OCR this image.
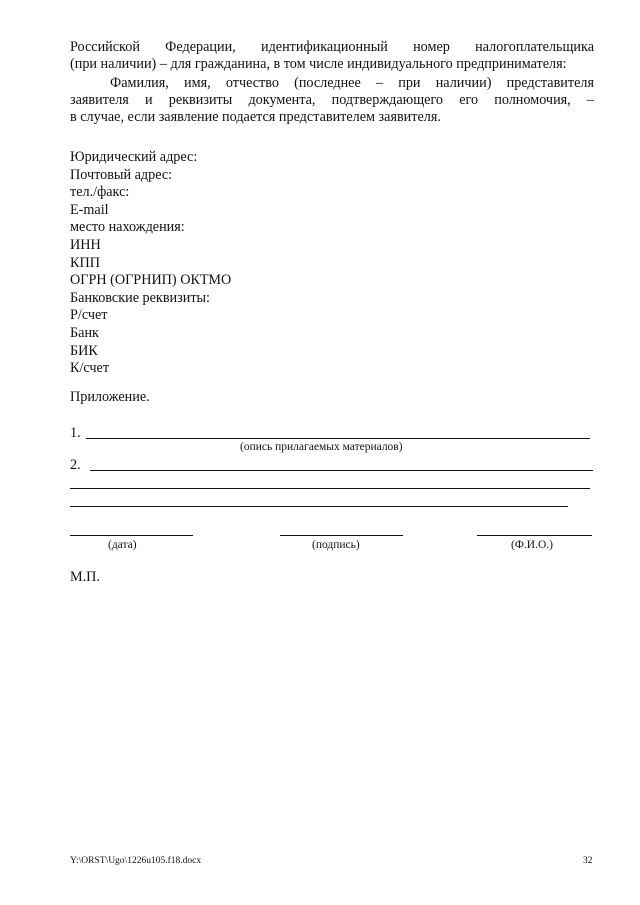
Российской Федерации, идентификационный номер налогоплательщика
(при наличии) – для гражданина, в том числе индивидуального предпринимателя:
Фамилия, имя, отчество (последнее – при наличии) представителя
заявителя и реквизиты документа, подтверждающего его полномочия, –
в случае, если заявление подается представителем заявителя.
Юридический адрес:
Почтовый адрес:
тел./факс:
E-mail
место нахождения:
ИНН
КПП
ОГРН (ОГРНИП) ОКТМО
Банковские реквизиты:
Р/счет
Банк
БИК
К/счет
Приложение.
1.
(опись прилагаемых материалов)
2.
(дата)	(подпись)	(Ф.И.О.)
М.П.
Y:\ORST\Ugo\1226u105.f18.docx	32
